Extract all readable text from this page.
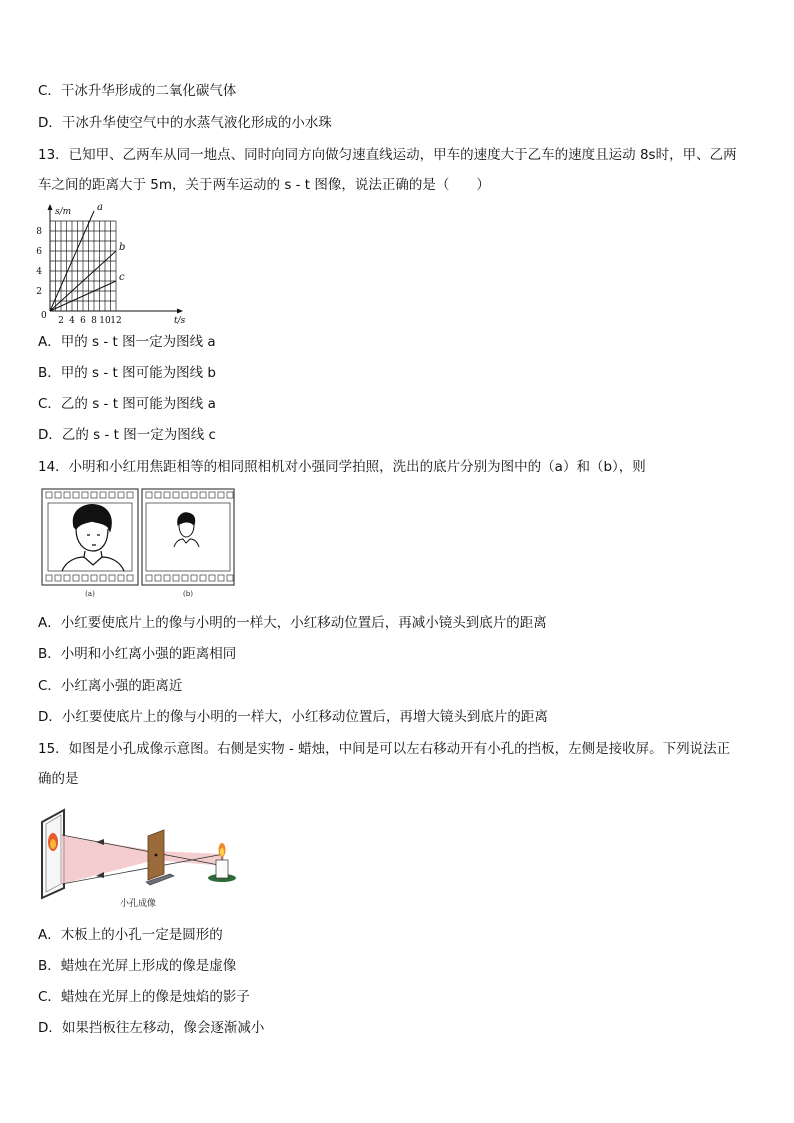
C．干冰升华形成的二氧化碳气体
D．干冰升华使空气中的水蒸气液化形成的小水珠
13．已知甲、乙两车从同一地点、同时向同方向做匀速直线运动，甲车的速度大于乙车的速度且运动 8s时，甲、乙两
车之间的距离大于 5m，关于两车运动的 s - t 图像，说法正确的是（　　）
8
6
4
2
2 4 6 8 10 12
s/m
t/s
0
a
b
c
A．甲的 s - t 图一定为图线 a
B．甲的 s - t 图可能为图线 b
C．乙的 s - t 图可能为图线 a
D．乙的 s - t 图一定为图线 c
14．小明和小红用焦距相等的相同照相机对小强同学拍照，洗出的底片分别为图中的（a）和（b），则
(a)	(b)
A．小红要使底片上的像与小明的一样大，小红移动位置后，再减小镜头到底片的距离
B．小明和小红离小强的距离相同
C．小红离小强的距离近
D．小红要使底片上的像与小明的一样大，小红移动位置后，再增大镜头到底片的距离
15．如图是小孔成像示意图。右侧是实物 - 蜡烛，中间是可以左右移动开有小孔的挡板，左侧是接收屏。下列说法正
确的是
小孔成像
A．木板上的小孔一定是圆形的
B．蜡烛在光屏上形成的像是虚像
C．蜡烛在光屏上的像是烛焰的影子
D．如果挡板往左移动，像会逐渐减小
